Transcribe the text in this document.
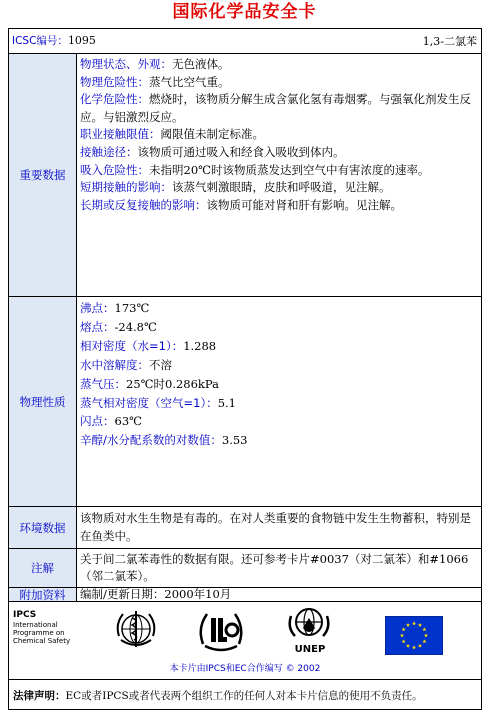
国际化学品安全卡
ICSC编号：1095	1,3-二氯苯
重要数据
物理状态、外观：无色液体。
物理危险性：蒸气比空气重。
化学危险性：燃烧时，该物质分解生成含氯化氢有毒烟雾。与强氧化剂发生反应。与铝激烈反应。
职业接触限值：阈限值未制定标准。
接触途径：该物质可通过吸入和经食入吸收到体内。
吸入危险性：未指明20℃时该物质蒸发达到空气中有害浓度的速率。
短期接触的影响：该蒸气刺激眼睛，皮肤和呼吸道，见注解。
长期或反复接触的影响：该物质可能对肾和肝有影响。见注解。
物理性质
沸点：173℃
熔点：-24.8℃
相对密度（水=1）：1.288
水中溶解度：不溶
蒸气压：25℃时0.286kPa
蒸气相对密度（空气=1）：5.1
闪点：63℃
辛醇/水分配系数的对数值：3.53
环境数据
该物质对水生生物是有毒的。在对人类重要的食物链中发生生物蓄积，特别是在鱼类中。
注解
关于间二氯苯毒性的数据有限。还可参考卡片#0037（对二氯苯）和#1066（邻二氯苯）。
附加资料	编制/更新日期：2000年10月
IPCS
International
Programme on
Chemical Safety
UNEP
本卡片由IPCS和EC合作编写 © 2002
法律声明：EC或者IPCS或者代表两个组织工作的任何人对本卡片信息的使用不负责任。
